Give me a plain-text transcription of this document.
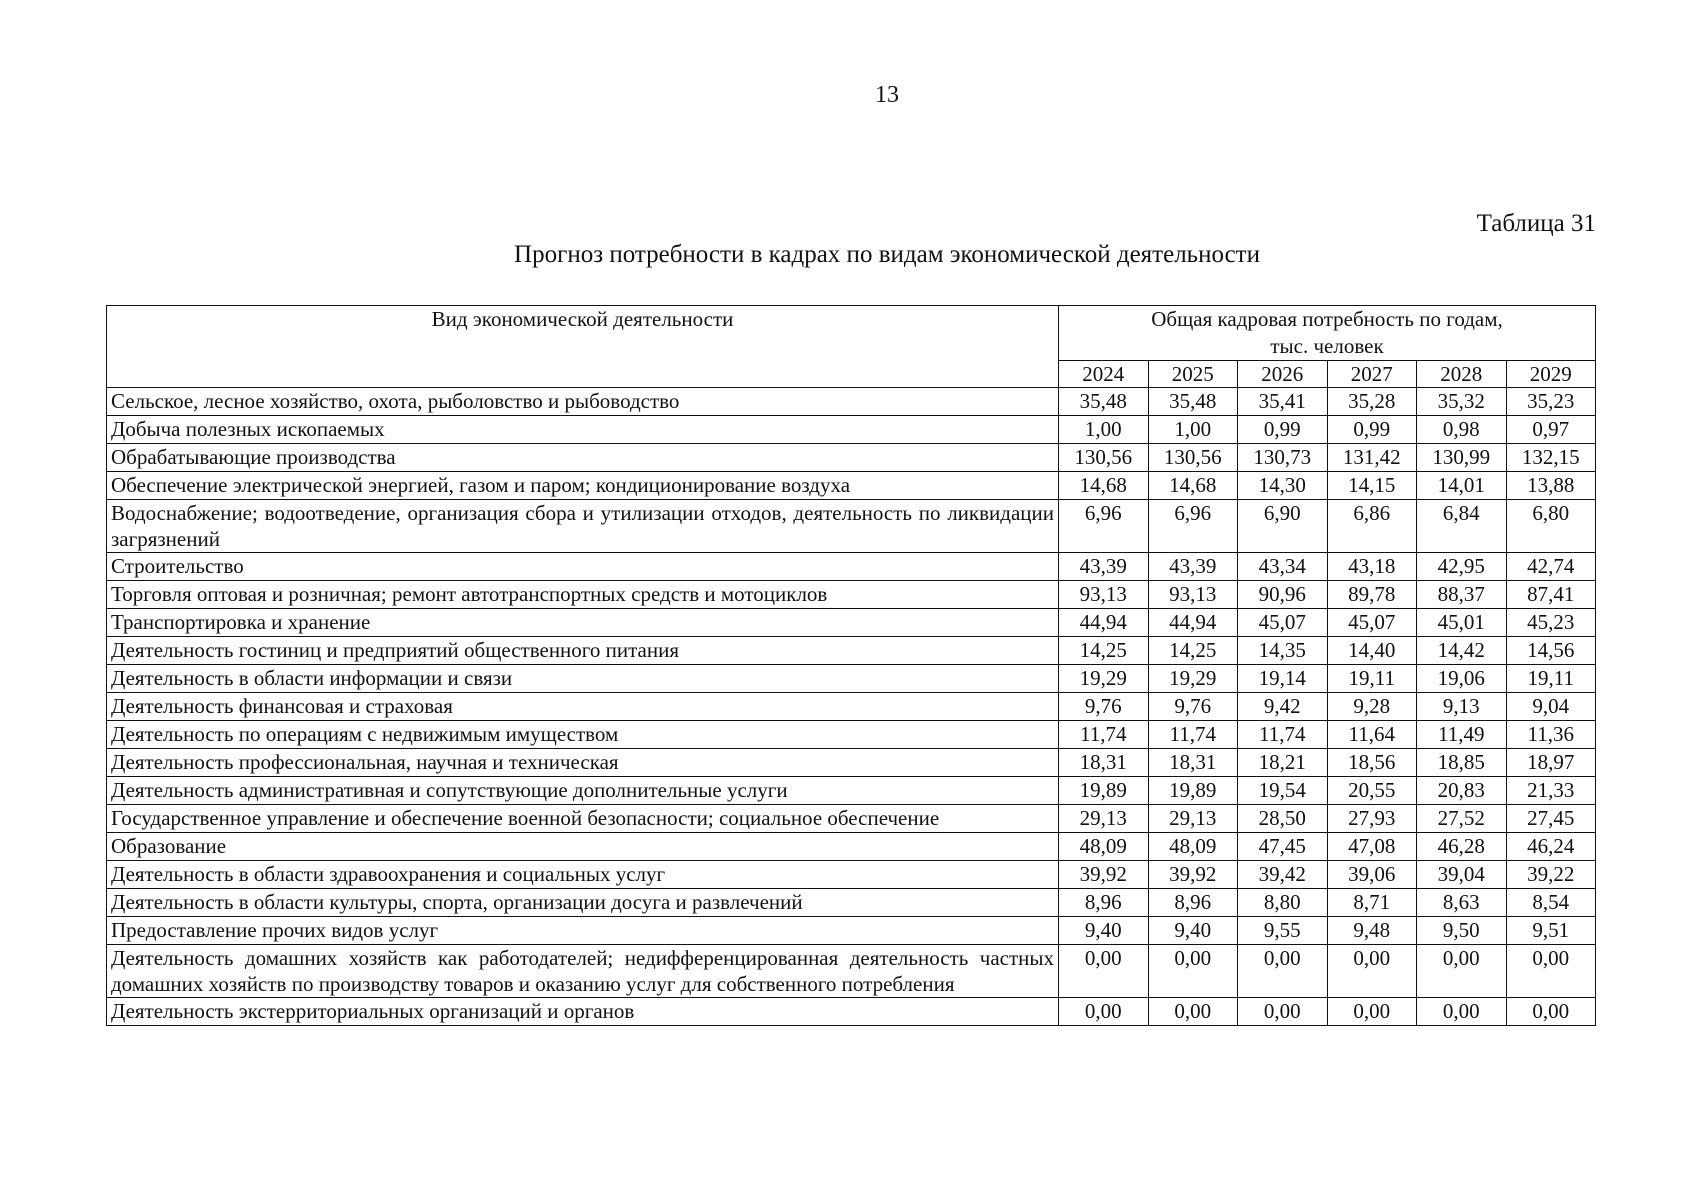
13
Таблица 31
Прогноз потребности в кадрах по видам экономической деятельности
Вид экономической деятельности	Общая кадровая потребность по годам,
тыс. человек					
	2024	2025	2026	2027	2028	2029
Сельское, лесное хозяйство, охота, рыболовство и рыбоводство	35,48	35,48	35,41	35,28	35,32	35,23
Добыча полезных ископаемых	1,00	1,00	0,99	0,99	0,98	0,97
Обрабатывающие производства	130,56	130,56	130,73	131,42	130,99	132,15
Обеспечение электрической энергией, газом и паром; кондиционирование воздуха	14,68	14,68	14,30	14,15	14,01	13,88
Водоснабжение; водоотведение, организация сбора и утилизации отходов, деятельность по ликвидации загрязнений	6,96	6,96	6,90	6,86	6,84	6,80
Строительство	43,39	43,39	43,34	43,18	42,95	42,74
Торговля оптовая и розничная; ремонт автотранспортных средств и мотоциклов	93,13	93,13	90,96	89,78	88,37	87,41
Транспортировка и хранение	44,94	44,94	45,07	45,07	45,01	45,23
Деятельность гостиниц и предприятий общественного питания	14,25	14,25	14,35	14,40	14,42	14,56
Деятельность в области информации и связи	19,29	19,29	19,14	19,11	19,06	19,11
Деятельность финансовая и страховая	9,76	9,76	9,42	9,28	9,13	9,04
Деятельность по операциям с недвижимым имуществом	11,74	11,74	11,74	11,64	11,49	11,36
Деятельность профессиональная, научная и техническая	18,31	18,31	18,21	18,56	18,85	18,97
Деятельность административная и сопутствующие дополнительные услуги	19,89	19,89	19,54	20,55	20,83	21,33
Государственное управление и обеспечение военной безопасности; социальное обеспечение	29,13	29,13	28,50	27,93	27,52	27,45
Образование	48,09	48,09	47,45	47,08	46,28	46,24
Деятельность в области здравоохранения и социальных услуг	39,92	39,92	39,42	39,06	39,04	39,22
Деятельность в области культуры, спорта, организации досуга и развлечений	8,96	8,96	8,80	8,71	8,63	8,54
Предоставление прочих видов услуг	9,40	9,40	9,55	9,48	9,50	9,51
Деятельность домашних хозяйств как работодателей; недифференцированная деятельность частных домашних хозяйств по производству товаров и оказанию услуг для собственного потребления	0,00	0,00	0,00	0,00	0,00	0,00
Деятельность экстерриториальных организаций и органов	0,00	0,00	0,00	0,00	0,00	0,00
